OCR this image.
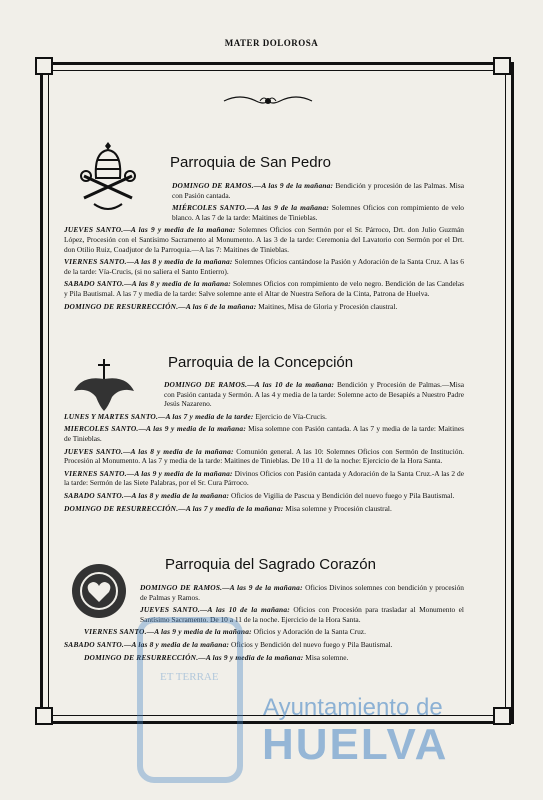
MATER DOLOROSA
Parroquia de San Pedro

DOMINGO DE RAMOS.—A las 9 de la mañana: Bendición y procesión de las Palmas. Misa con Pasión cantada.

MIÉRCOLES SANTO.—A las 9 de la mañana: Solemnes Oficios con rompimiento de velo blanco. A las 7 de la tarde: Maitines de Tinieblas.

JUEVES SANTO.—A las 9 y media de la mañana: Solemnes Oficios con Sermón por el Sr. Párroco, Drt. don Julio Guzmán López, Procesión con el Santísimo Sacramento al Monumento. A las 3 de la tarde: Ceremonia del Lavatorio con Sermón por el Drt. don Otilio Ruiz, Coadjutor de la Parroquia.—A las 7: Maitines de Tinieblas.

VIERNES SANTO.—A las 8 y media de la mañana: Solemnes Oficios cantándose la Pasión y Adoración de la Santa Cruz. A las 6 de la tarde: Vía-Crucis, (si no saliera el Santo Entierro).

SABADO SANTO.—A las 8 y media de la mañana: Solemnes Oficios con rompimiento de velo negro. Bendición de las Candelas y Pila Bautismal. A las 7 y media de la tarde: Salve solemne ante el Altar de Nuestra Señora de la Cinta, Patrona de Huelva.

DOMINGO DE RESURRECCIÓN.—A las 6 de la mañana: Maitines, Misa de Gloria y Procesión claustral.

Parroquia de la Concepción

DOMINGO DE RAMOS.—A las 10 de la mañana: Bendición y Procesión de Palmas.—Misa con Pasión cantada y Sermón. A las 4 y media de la tarde: Solemne acto de Besapiés a Nuestro Padre Jesús Nazareno.

LUNES Y MARTES SANTO.—A las 7 y media de la tarde: Ejercicio de Vía-Crucis.

MIERCOLES SANTO.—A las 9 y media de la mañana: Misa solemne con Pasión cantada. A las 7 y media de la tarde: Maitines de Tinieblas.

JUEVES SANTO.—A las 8 y media de la mañana: Comunión general. A las 10: Solemnes Oficios con Sermón de Institución. Procesión al Monumento. A las 7 y media de la tarde: Maitines de Tinieblas. De 10 a 11 de la noche: Ejercicio de la Hora Santa.

VIERNES SANTO.—A las 9 y media de la mañana: Divinos Oficios con Pasión cantada y Adoración de la Santa Cruz.-A las 2 de la tarde: Sermón de las Siete Palabras, por el Sr. Cura Párroco.

SABADO SANTO.—A las 8 y media de la mañana: Oficios de Vigilia de Pascua y Bendición del nuevo fuego y Pila Bautismal.

DOMINGO DE RESURRECCIÓN.—A las 7 y media de la mañana: Misa solemne y Procesión claustral.

Parroquia del Sagrado Corazón

DOMINGO DE RAMOS.—A las 9 de la mañana: Oficios Divinos solemnes con bendición y procesión de Palmas y Ramos.

JUEVES SANTO.—A las 10 de la mañana: Oficios con Procesión para trasladar al Monumento el Santísimo Sacramento. De 10 a 11 de la noche. Ejercicio de la Hora Santa.

VIERNES SANTO.—A las 9 y media de la mañana: Oficios y Adoración de la Santa Cruz.

SABADO SANTO.—A las 8 y media de la mañana: Oficios y Bendición del nuevo fuego y Pila Bautismal.

DOMINGO DE RESURRECCIÓN.—A las 9 y media de la mañana: Misa solemne.

ET TERRAE
Ayuntamiento de
HUELVA
